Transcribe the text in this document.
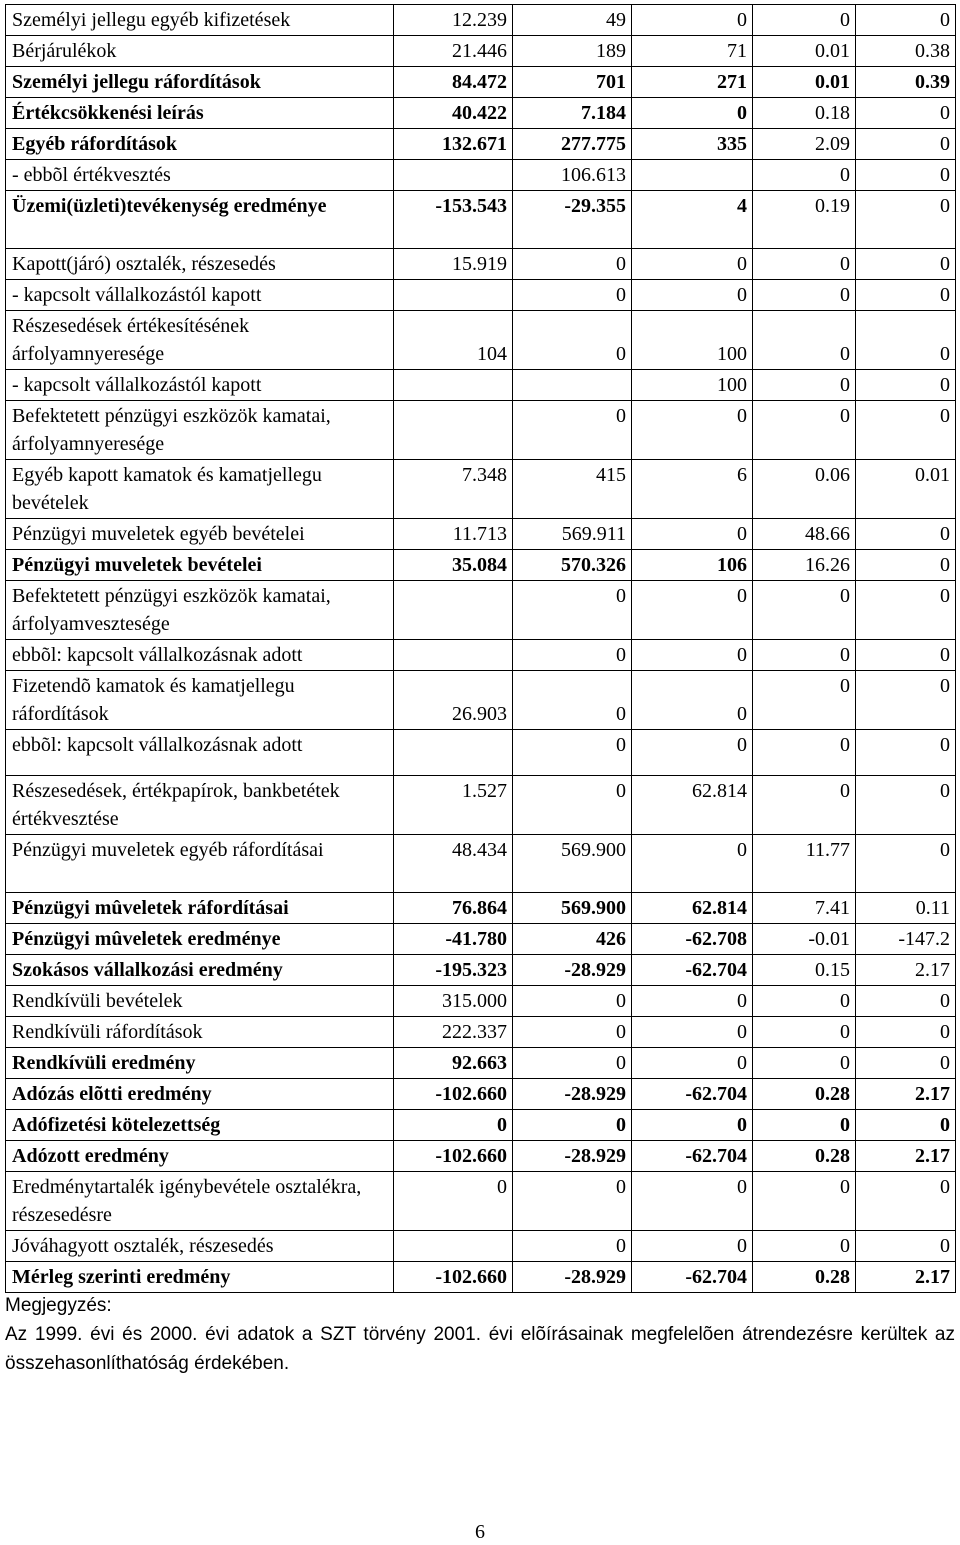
Személyi jellegu egyéb kifizetések	12.239	49	0	0	0
Bérjárulékok	21.446	189	71	0.01	0.38
Személyi jellegu ráfordítások	84.472	701	271	0.01	0.39
Értékcsökkenési leírás	40.422	7.184	0	0.18	0
Egyéb ráfordítások	132.671	277.775	335	2.09	0
- ebbõl értékvesztés		106.613		0	0
Üzemi(üzleti)tevékenység eredménye	-153.543	-29.355	4	0.19	0
Kapott(járó) osztalék, részesedés	15.919	0	0	0	0
- kapcsolt vállalkozástól kapott		0	0	0	0
Részesedések értékesítésének árfolyamnyeresége	104	0	100	0	0
- kapcsolt vállalkozástól kapott			100	0	0
Befektetett pénzügyi eszközök kamatai, árfolyamnyeresége		0	0	0	0
Egyéb kapott kamatok és kamatjellegu bevételek	7.348	415	6	0.06	0.01
Pénzügyi muveletek egyéb bevételei	11.713	569.911	0	48.66	0
Pénzügyi muveletek bevételei	35.084	570.326	106	16.26	0
Befektetett pénzügyi eszközök kamatai, árfolyamvesztesége		0	0	0	0
ebbõl: kapcsolt vállalkozásnak adott		0	0	0	0
Fizetendõ kamatok és kamatjellegu ráfordítások	26.903	0	0	0	0
ebbõl: kapcsolt vállalkozásnak adott		0	0	0	0
Részesedések, értékpapírok, bankbetétek értékvesztése	1.527	0	62.814	0	0
Pénzügyi muveletek egyéb ráfordításai	48.434	569.900	0	11.77	0
Pénzügyi mûveletek ráfordításai	76.864	569.900	62.814	7.41	0.11
Pénzügyi mûveletek eredménye	-41.780	426	-62.708	-0.01	-147.2
Szokásos vállalkozási eredmény	-195.323	-28.929	-62.704	0.15	2.17
Rendkívüli bevételek	315.000	0	0	0	0
Rendkívüli ráfordítások	222.337	0	0	0	0
Rendkívüli eredmény	92.663	0	0	0	0
Adózás elõtti eredmény	-102.660	-28.929	-62.704	0.28	2.17
Adófizetési kötelezettség	0	0	0	0	0
Adózott eredmény	-102.660	-28.929	-62.704	0.28	2.17
Eredménytartalék igénybevétele osztalékra, részesedésre	0	0	0	0	0
Jóváhagyott osztalék, részesedés		0	0	0	0
Mérleg szerinti eredmény	-102.660	-28.929	-62.704	0.28	2.17
Megjegyzés:
Az 1999. évi és 2000. évi adatok a SZT törvény 2001. évi elõírásainak megfelelõen átrendezésre kerültek az összehasonlíthatóság érdekében.
6
